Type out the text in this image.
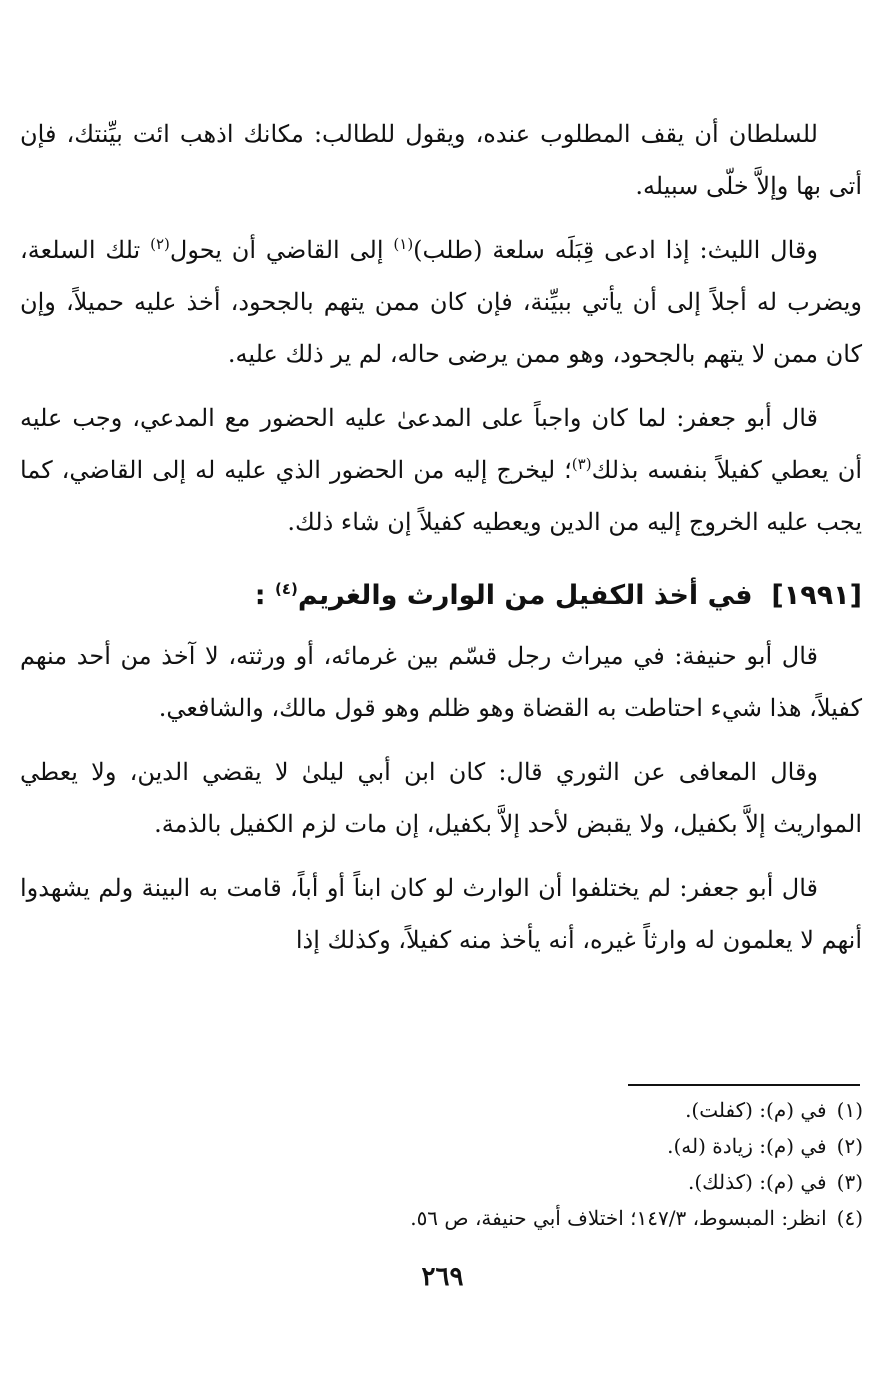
للسلطان أن يقف المطلوب عنده، ويقول للطالب: مكانك اذهب ائت بيِّنتك، فإن أتى بها وإلاَّ خلّى سبيله.

وقال الليث: إذا ادعى قِبَلَه سلعة (طلب)$^{(١)}$ إلى القاضي أن يحول$^{(٢)}$ تلك السلعة، ويضرب له أجلاً إلى أن يأتي ببيِّنة، فإن كان ممن يتهم بالجحود، أخذ عليه حميلاً، وإن كان ممن لا يتهم بالجحود، وهو ممن يرضى حاله، لم ير ذلك عليه.

قال أبو جعفر: لما كان واجباً على المدعىٰ عليه الحضور مع المدعي، وجب عليه أن يعطي كفيلاً بنفسه بذلك$^{(٣)}$؛ ليخرج إليه من الحضور الذي عليه له إلى القاضي، كما يجب عليه الخروج إليه من الدين ويعطيه كفيلاً إن شاء ذلك.

[١٩٩١]  في أخذ الكفيل من الوارث والغريم$^{(٤)}$ :

قال أبو حنيفة: في ميراث رجل قسّم بين غرمائه، أو ورثته، لا آخذ من أحد منهم كفيلاً، هذا شيء احتاطت به القضاة وهو ظلم وهو قول مالك، والشافعي.

وقال المعافى عن الثوري قال: كان ابن أبي ليلىٰ لا يقضي الدين، ولا يعطي المواريث إلاَّ بكفيل، ولا يقبض لأحد إلاَّ بكفيل، إن مات لزم الكفيل بالذمة.

قال أبو جعفر: لم يختلفوا أن الوارث لو كان ابناً أو أباً، قامت به البينة ولم يشهدوا أنهم لا يعلمون له وارثاً غيره، أنه يأخذ منه كفيلاً، وكذلك إذا

(١)في (م): (كفلت).
(٢)في (م): زيادة (له).
(٣)في (م): (كذلك).
(٤)انظر: المبسوط، ١٤٧/٣؛ اختلاف أبي حنيفة، ص ٥٦.
٢٦٩
